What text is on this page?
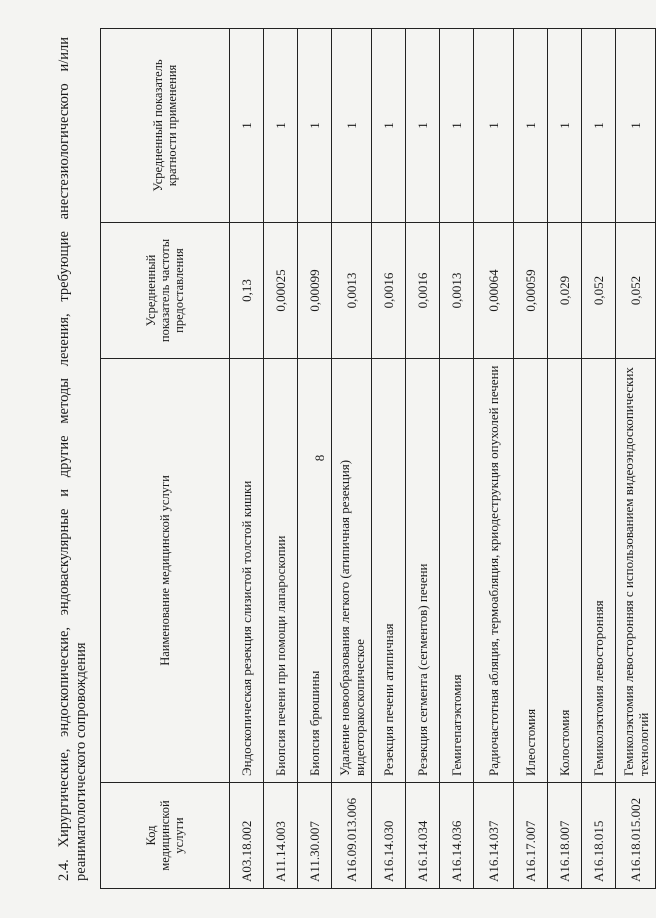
8

2.4. Хирургические, эндоскопические, эндоваскулярные и другие методы лечения, требующие анестезиологического и/или реаниматологического сопровождения	Код медицинской услуги	Наименование медицинской услуги	Усредненный показатель частоты предоставления	Усредненный показатель кратности применения
A03.18.002	Эндоскопическая резекция слизистой толстой кишки	0,13	1
A11.14.003	Биопсия печени при помощи лапароскопии	0,00025	1
A11.30.007	Биопсия брюшины	0,00099	1
A16.09.013.006	Удаление новообразования легкого (атипичная резекция) видеоторакоскопическое	0,0013	1
A16.14.030	Резекция печени атипичная	0,0016	1
A16.14.034	Резекция сегмента (сегментов) печени	0,0016	1
A16.14.036	Гемигепатэктомия	0,0013	1
A16.14.037	Радиочастотная абляция, термоабляция, криодеструкция опухолей печени	0,00064	1
A16.17.007	Илеостомия	0,00059	1
A16.18.007	Колостомия	0,029	1
A16.18.015	Гемиколэктомия левосторонняя	0,052	1
A16.18.015.002	Гемиколэктомия левосторонняя с использованием видеоэндоскопических технологий	0,052	1
